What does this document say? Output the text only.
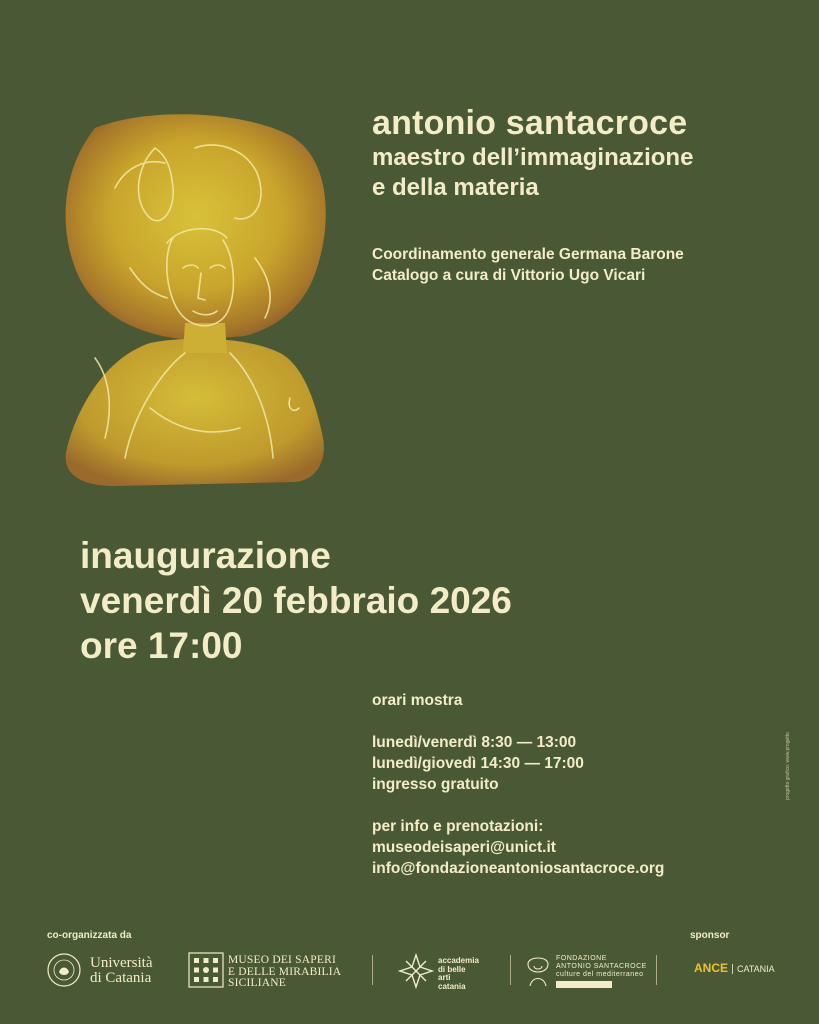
antonio santacroce
maestro dell’immaginazione
e della materia
Coordinamento generale Germana Barone
Catalogo a cura di Vittorio Ugo Vicari
inaugurazione
venerdì 20 febbraio 2026
ore 17:00
orari mostra
lunedì/venerdì 8:30 — 13:00
lunedì/giovedì 14:30 — 17:00
ingresso gratuito
per info e prenotazioni:
museodeisaperi@unict.it
info@fondazioneantoniosantacroce.org
progetto grafico: www.progetto
co-organizzata da	sponsor
Università
di Catania
MUSEO DEI SAPERI
E DELLE MIRABILIA
SICILIANE
accademia
di belle
arti
catania
FONDAZIONE
ANTONIO SANTACROCE
culture del mediterraneo	ANCE CATANIA
